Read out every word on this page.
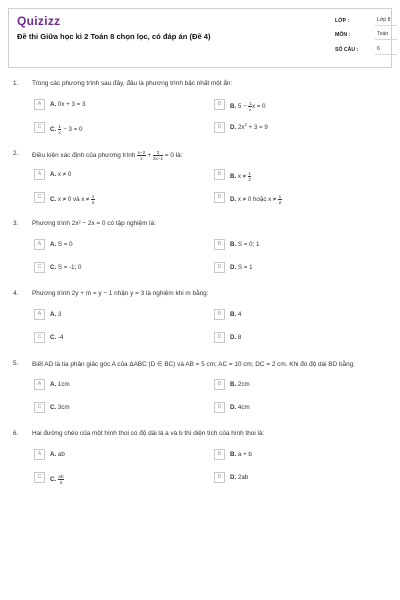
Quizizz
Đề thi Giữa học kì 2 Toán 8 chọn lọc, có đáp án (Đề 4)
LỚP :	Lớp 8
MÔN :	Toán
SỐ CÂU :	6
1. Trong các phương trình sau đây, đâu là phương trình bậc nhất một ẩn:
A	A. 0x + 3 = 3	B	B. $5 - \frac{1}{x}$ x = 0
C	C. $\frac{1}{x} - 3 = 0$	D	D. $2x^2 + 3 = 9$
2. Điều kiện xác định của phương trình $\frac{x-2}{x} + \frac{3}{2x-1} = 0$ là:
A	A. x ≠ 0	B	B. $x \ne \frac{1}{2}$
C	C. x ≠ 0 và $x \ne \frac{1}{2}$	D	D. x ≠ 0 hoặc $x \ne \frac{1}{2}$
3. Phương trình 2x² − 2x = 0 có tập nghiệm là:
A	A. S = 0	B	B. S = 0; 1
C	C. S = -1; 0	D	D. S = 1
4. Phương trình 2y + m = y − 1 nhận y = 3 là nghiệm khi m bằng:
A	A. 3	B	B. 4
C	C. -4	D	D. 8
5. Biết AD là tia phân giác góc A của ΔABC (D ∈ BC) và AB = 5 cm; AC = 10 cm; DC = 2 cm. Khi đó độ dài BD bằng:
A	A. 1cm	B	B. 2cm
C	C. 3cm	D	D. 4cm
6. Hai đường chéo của một hình thoi có độ dài là a và b thì diện tích của hình thoi là:
A	A. ab	B	B. a + b
C	C. $\frac{ab}{2}$	D	D. 2ab
